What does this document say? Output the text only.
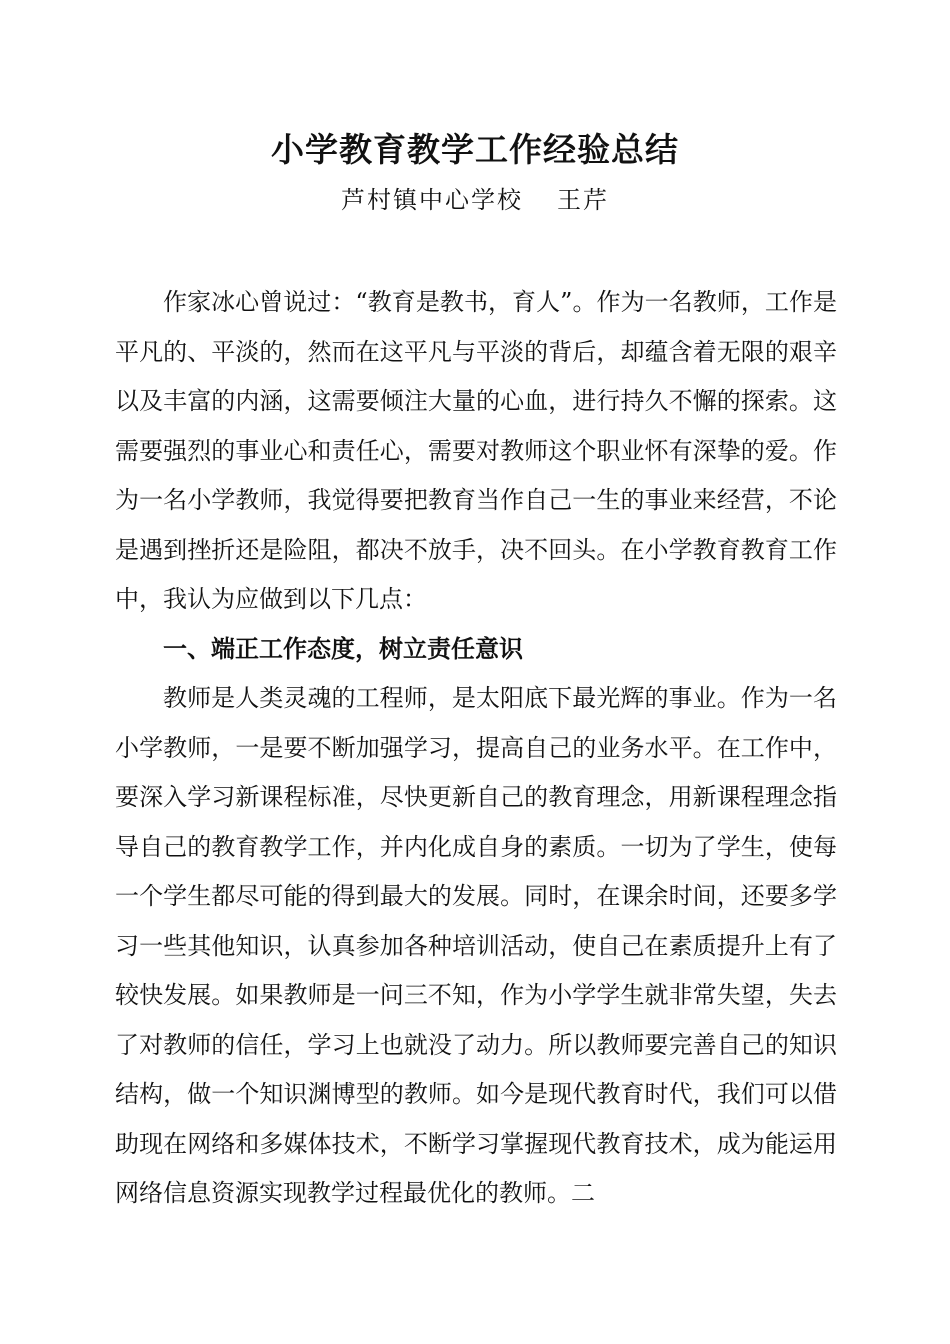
小学教育教学工作经验总结

芦村镇中心学校 王芹

作家冰心曾说过：“教育是教书，育人”。作为一名教师，工作是平凡的、平淡的，然而在这平凡与平淡的背后，却蕴含着无限的艰辛以及丰富的内涵，这需要倾注大量的心血，进行持久不懈的探索。这需要强烈的事业心和责任心，需要对教师这个职业怀有深挚的爱。作为一名小学教师，我觉得要把教育当作自己一生的事业来经营，不论是遇到挫折还是险阻，都决不放手，决不回头。在小学教育教育工作中，我认为应做到以下几点：

一、端正工作态度，树立责任意识

教师是人类灵魂的工程师，是太阳底下最光辉的事业。作为一名小学教师，一是要不断加强学习，提高自己的业务水平。在工作中，要深入学习新课程标准，尽快更新自己的教育理念，用新课程理念指导自己的教育教学工作，并内化成自身的素质。一切为了学生，使每一个学生都尽可能的得到最大的发展。同时，在课余时间，还要多学习一些其他知识，认真参加各种培训活动，使自己在素质提升上有了较快发展。如果教师是一问三不知，作为小学学生就非常失望，失去了对教师的信任，学习上也就没了动力。所以教师要完善自己的知识结构，做一个知识渊博型的教师。如今是现代教育时代，我们可以借助现在网络和多媒体技术，不断学习掌握现代教育技术，成为能运用网络信息资源实现教学过程最优化的教师。二
